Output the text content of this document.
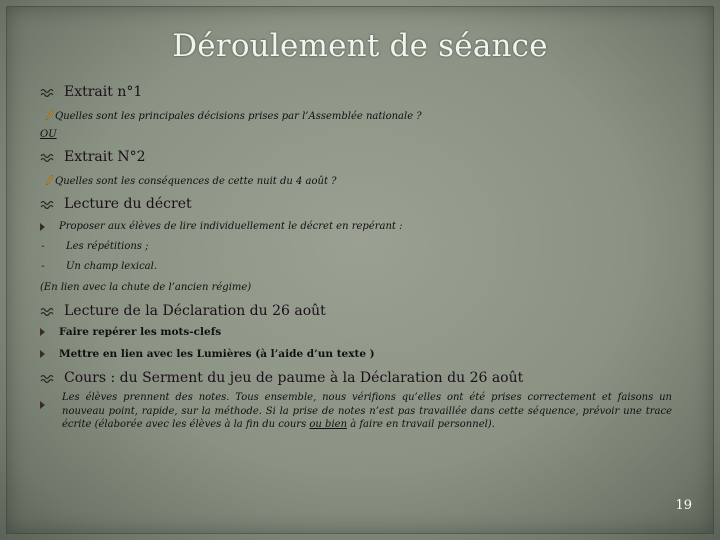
Déroulement de séance
Extrait n°1
Quelles sont les principales décisions prises par l’Assemblée nationale ?
OU
Extrait N°2
Quelles sont les conséquences de cette nuit du 4 août ?
Lecture du décret
Proposer aux élèves de lire individuellement le décret en repérant :
- Les répétitions ;
- Un champ lexical.
(En lien avec la chute de l’ancien régime)
Lecture de la Déclaration du 26 août
Faire repérer les mots-clefs
Mettre en lien avec les Lumières (à l’aide d’un texte )
Cours : du Serment du jeu de paume à la Déclaration du 26 août
Les élèves prennent des notes. Tous ensemble, nous vérifions qu’elles ont été prises correctement et faisons un nouveau point, rapide, sur la méthode. Si la prise de notes n’est pas travaillée dans cette séquence, prévoir une trace écrite (élaborée avec les élèves à la fin du cours ou bien à faire en travail personnel).
19
